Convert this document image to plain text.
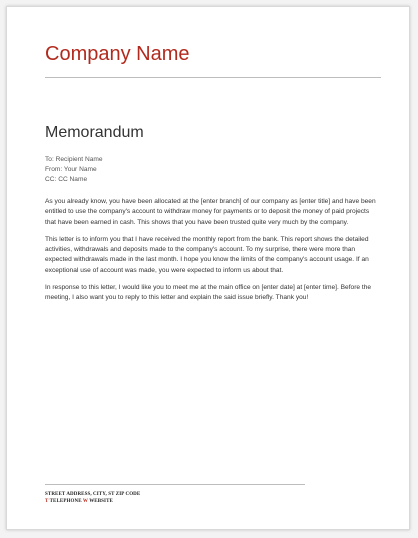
Company Name
Memorandum
To: Recipient Name
From: Your Name
CC: CC Name

As you already know, you have been allocated at the [enter branch] of our company as [enter title] and have been entitled to use the company's account to withdraw money for payments or to deposit the money of paid projects that have been earned in cash. This shows that you have been trusted quite very much by the company.

This letter is to inform you that I have received the monthly report from the bank. This report shows the detailed activities, withdrawals and deposits made to the company's account. To my surprise, there were more than expected withdrawals made in the last month. I hope you know the limits of the company's account usage. If an exceptional use of account was made, you were expected to inform us about that.

In response to this letter, I would like you to meet me at the main office on [enter date] at [enter time]. Before the meeting, I also want you to reply to this letter and explain the said issue briefly. Thank you!

STREET ADDRESS, CITY, ST ZIP CODE
T TELEPHONE W WEBSITE
